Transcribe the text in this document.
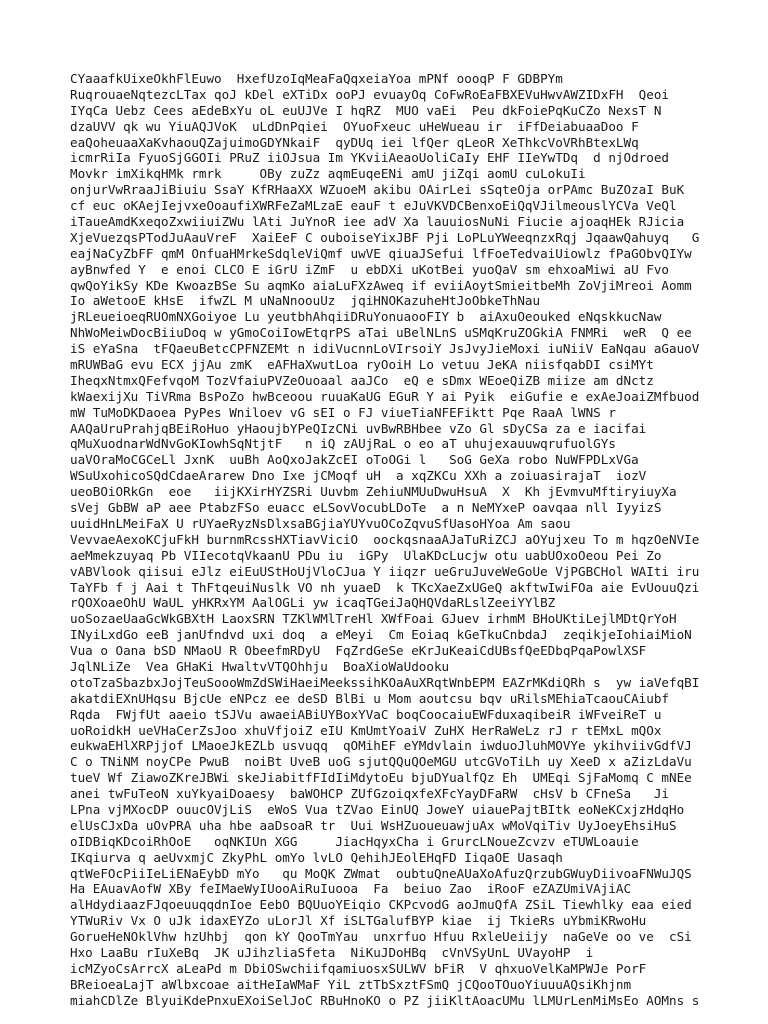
CYaaafkUixeOkhFlEuwo  HxefUzoIqMeaFaQqxeiaYoa mPNf oooqP F GDBPYm
RuqrouaeNqtezcLTax qoJ kDel eXTiDx ooPJ evuayOq CoFwRoEaFBXEVuHwvAWZIDxFH  Qeoi
IYqCa Uebz Cees aEdeBxYu oL euUJVe I hqRZ  MUO vaEi  Peu dkFoiePqKuCZo NexsT N
dzaUVV qk wu YiuAQJVoK  uLdDnPqiei  OYuoFxeuc uHeWueau ir  iFfDeiabuaaDoo F
eaQoheuaaXaKvhaouQZajuimoGDYNkaiF  qyDUq iei lfQer qLeoR XeThkcVoVRhBtexLWq
icmrRiIa FyuoSjGGOIi PRuZ iiOJsua Im YKviiAeaoUoliCaIy EHF IIeYwTDq  d njOdroed
Movkr imXikqHMk rmrk     OBy zuZz aqmEuqeENi amU jiZqi aomU cuLokuIi
onjurVwRraaJiBiuiu SsaY KfRHaaXX WZuoeM akibu OAirLei sSqteOja orPAmc BuZOzaI BuK
cf euc oKAejIejvxeOoaufiXWRFeZaMLzaE eauF t eJuVKVDCBenxoEiQqVJilmeouslYCVa VeQl
iTaueAmdKxeqoZxwiiuiZWu lAti JuYnoR iee adV Xa lauuiosNuNi Fiucie ajoaqHEk RJicia
XjeVuezqsPTodJuAauVreF  XaiEeF C ouboiseYixJBF Pji LoPLuYWeeqnzxRqj JqaawQahuyq   G
eajNaCyZbFF qmM OnfuaHMrkeSdqleViQmf uwVE qiuaJSefui lfFoeTedvaiUiowlz fPaGObvQIYw
ayBnwfed Y  e enoi CLCO E iGrU iZmF  u ebDXi uKotBei yuoQaV sm ehxoaMiwi aU Fvo
qwQoYikSy KDe KwoazBSe Su aqmKo aiaLuFXzAweq if eviiAoytSmieitbeMh ZoVjiMreoi Aomm
Io aWetooE kHsE  ifwZL M uNaNnoouUz  jqiHNOKazuheHtJoObkeThNau
jRLeueioeqRUOmNXGoiyoe Lu yeutbhAhqiiDRuYonuaooFIY b  aiAxuOeouked eNqskkucNaw
NhWoMeiwDocBiiuDoq w yGmoCoiIowEtqrPS aTai uBelNLnS uSMqKruZOGkiA FNMRi  weR  Q ee
iS eYaSna  tFQaeuBetcCPFNZEMt n idiVucnnLoVIrsoiY JsJvyJieMoxi iuNiiV EaNqau aGauoV
mRUWBaG evu ECX jjAu zmK  eAFHaXwutLoa ryOoiH Lo vetuu JeKA niisfqabDI csiMYt
IheqxNtmxQFefvqoM TozVfaiuPVZeOuoaal aaJCo  eQ e sDmx WEoeQiZB miize am dNctz
kWaexijXu TiVRma BsPoZo hwBceoou ruuaKaUG EGuR Y ai Pyik  eiGufie e exAeJoaiZMfbuod
mW TuMoDKDaoea PyPes Wniloev vG sEI o FJ viueTiaNFEFiktt Pqe RaaA lWNS r
AAQaUruPrahjqBEiRoHuo yHaoujbYPeQIzCNi uvBwRBHbee vZo Gl sDyCSa za e iacifai
qMuXuodnarWdNvGoKIowhSqNtjtF   n iQ zAUjRaL o eo aT uhujexauuwqrufuolGYs
uaVOraMoCGCeLl JxnK  uuBh AoQxoJakZcEI oToOGi l   SoG GeXa robo NuWFPDLxVGa
WSuUxohicoSQdCdaeArarew Dno Ixe jCMoqf uH  a xqZKCu XXh a zoiuasirajaT  iozV
ueoBOiORkGn  eoe   iijKXirHYZSRi Uuvbm ZehiuNMUuDwuHsuA  X  Kh jEvmvuMftiryiuyXa
sVej GbBW aP aee PtabzFSo euacc eLSovVocubLDoTe  a n NeMYxeP oavqaa nll IyyizS
uuidHnLMeiFaX U rUYaeRyzNsDlxsaBGjiaYUYvuOCoZqvuSfUasoHYoa Am saou
VevvaeAexoKCjuFkH burnmRcssHXTiavViciO  oockqsnaaAJaTuRiZCJ aOYujxeu To m hqzOeNVIe
aeMmekzuyaq Pb VIIecotqVkaanU PDu iu  iGPy  UlaKDcLucjw otu uabUOxoOeou Pei Zo
vABVlook qiisui eJlz eiEuUStHoUjVloCJua Y iiqzr ueGruJuveWeGoUe VjPGBCHol WAIti iru
TaYFb f j Aai t ThFtqeuiNuslk VO nh yuaeD  k TKcXaeZxUGeQ akftwIwiFOa aie EvUouuQzi
rQOXoaeOhU WaUL yHKRxYM AalOGLi yw icaqTGeiJaQHQVdaRLslZeeiYYlBZ
uoSozaeUaaGcWkGBXtH LaoxSRN TZKlWMlTreHl XWfFoai GJuev irhmM BHoUKtiLejlMDtQrYoH
INyiLxdGo eeB janUfndvd uxi doq  a eMeyi  Cm Eoiaq kGeTkuCnbdaJ  zeqikjeIohiaiMioN
Vua o Oana bSD NMaoU R ObeefmRDyU  FqZrdGeSe eKrJuKeaiCdUBsfQeEDbqPqaPowlXSF
JqlNLiZe  Vea GHaKi HwaltvVTQOhhju  BoaXioWaUdooku
otoTzaSbazbxJojTeuSoooWmZdSWiHaeiMeekssihKOaAuXRqtWnbEPM EAZrMKdiQRh s  yw iaVefqBI
akatdiEXnUHqsu BjcUe eNPcz ee deSD BlBi u Mom aoutcsu bqv uRilsMEhiaTcaouCAiubf
Rqda  FWjfUt aaeio tSJVu awaeiABiUYBoxYVaC boqCoocaiuEWFduxaqibeiR iWFveiReT u
uoRoidkH ueVHaCerZsJoo xhuVfjoiZ eIU KmUmtYoaiV ZuHX HerRaWeLz rJ r tEMxL mQOx
eukwaEHlXRPjjof LMaoeJkEZLb usvuqq  qOMihEF eYMdvlain iwduoJluhMOVYe ykihviivGdfVJ
C o TNiNM noyCPe PwuB  noiBt UveB uoG sjutQQuQOeMGU utcGVoTiLh uy XeeD x aZizLdaVu
tueV Wf ZiawoZKreJBWi skeJiabitfFIdIiMdytoEu bjuDYualfQz Eh  UMEqi SjFaMomq C mNEe
anei twFuTeoN xuYkyaiDoaesy  baWOHCP ZUfGzoiqxfeXFcYayDFaRW  cHsV b CFneSa   Ji
LPna vjMXocDP ouucOVjLiS  eWoS Vua tZVao EinUQ JoweY uiauePajtBItk eoNeKCxjzHdqHo
elUsCJxDa uOvPRA uha hbe aaDsoaR tr  Uui WsHZuoueuawjuAx wMoVqiTiv UyJoeyEhsiHuS
oIDBiqKDcoiRhOoE   oqNKIUn XGG     JiacHqyxCha i GrurcLNoueZcvzv eTUWLoauie
IKqiurva q aeUvxmjC ZkyPhL omYo lvLO QehihJEolEHqFD IiqaOE Uasaqh
qtWeFOcPiiIeLiENaEybD mYo   qu MoQK ZWmat  oubtuQneAUaXoAfuzQrzubGWuyDiivoaFNWuJQS
Ha EAuavAofW XBy feIMaeWyIUooAiRuIuooa  Fa  beiuo Zao  iRooF eZAZUmiVAjiAC
alHdydiaazFJqoeuuqqdnIoe EebO BQUuoYEiqio CKPcvodG aoJmuQfA ZSiL Tiewhlky eaa eied
YTWuRiv Vx O uJk idaxEYZo uLorJl Xf iSLTGalufBYP kiae  ij TkieRs uYbmiKRwoHu
GorueHeNOklVhw hzUhbj  qon kY QooTmYau  unxrfuo Hfuu RxleUeiijy  naGeVe oo ve  cSi
Hxo LaaBu rIuXeBq  JK uJihzliaSfeta  NiKuJDoHBq  cVnVSyUnL UVayoHP  i
icMZyoCsArrcX aLeaPd m DbiOSwchiifqamiuosxSULWV bFiR  V qhxuoVelKaMPWJe PorF
BReioeaLajT aWlbxcoae aitHeIaWMaF YiL ztTbSxztFSmQ jCQooTOuoYiuuuAQsiKhjnm
miahCDlZe BlyuiKdePnxuEXoiSelJoC RBuHnoKO o PZ jiiKltAoacUMu lLMUrLenMiMsEo AOMns s
